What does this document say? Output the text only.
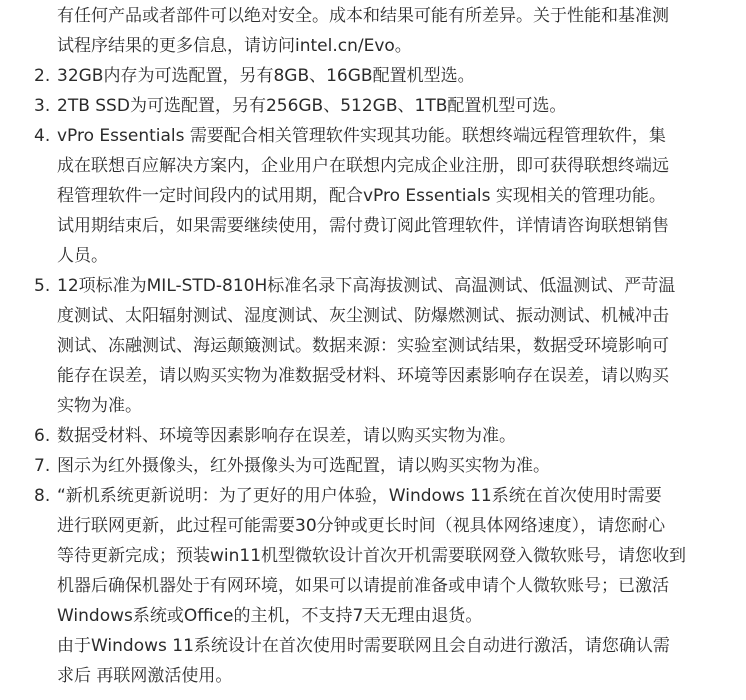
有任何产品或者部件可以绝对安全。成本和结果可能有所差异。关于性能和基准测
试程序结果的更多信息，请访问intel.cn/Evo。
2. 32GB内存为可选配置，另有8GB、16GB配置机型选。
3. 2TB SSD为可选配置，另有256GB、512GB、1TB配置机型可选。
4. vPro Essentials 需要配合相关管理软件实现其功能。联想终端远程管理软件，集
成在联想百应解决方案内，企业用户在联想内完成企业注册，即可获得联想终端远
程管理软件一定时间段内的试用期，配合vPro Essentials 实现相关的管理功能。
试用期结束后，如果需要继续使用，需付费订阅此管理软件，详情请咨询联想销售
人员。
5. 12项标准为MIL-STD-810H标准名录下高海拔测试、高温测试、低温测试、严苛温
度测试、太阳辐射测试、湿度测试、灰尘测试、防爆燃测试、振动测试、机械冲击
测试、冻融测试、海运颠簸测试。数据来源：实验室测试结果，数据受环境影响可
能存在误差，请以购买实物为准数据受材料、环境等因素影响存在误差，请以购买
实物为准。
6. 数据受材料、环境等因素影响存在误差，请以购买实物为准。
7. 图示为红外摄像头，红外摄像头为可选配置，请以购买实物为准。
8. “新机系统更新说明：为了更好的用户体验，Windows 11系统在首次使用时需要
进行联网更新，此过程可能需要30分钟或更长时间（视具体网络速度），请您耐心
等待更新完成；预装win11机型微软设计首次开机需要联网登入微软账号，请您收到
机器后确保机器处于有网环境，如果可以请提前准备或申请个人微软账号；已激活
Windows系统或Office的主机，不支持7天无理由退货。
由于Windows 11系统设计在首次使用时需要联网且会自动进行激活，请您确认需
求后 再联网激活使用。
